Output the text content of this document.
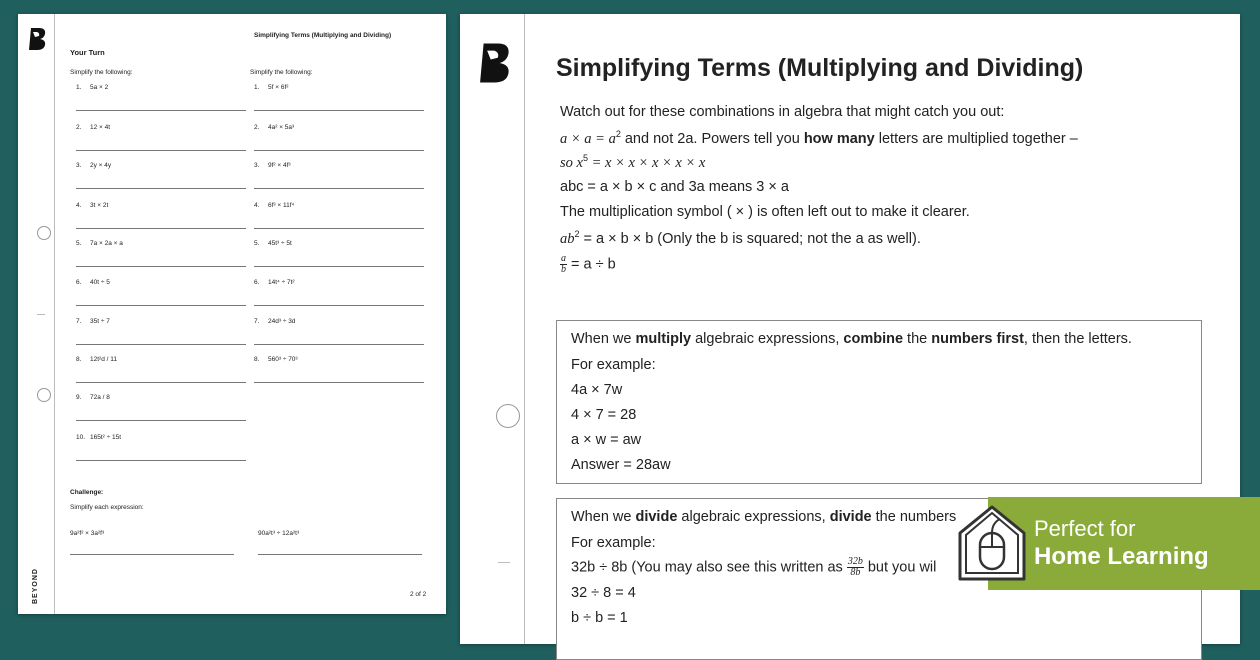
BEYOND
Simplifying Terms (Multiplying and Dividing)
Your Turn
Simplify the following:	Simplify the following:
Challenge:
Simplify each expression:
9a²f² × 3a²f³	90a²t³ ÷ 12a²t³
2 of 2
1. 5a × 2
2. 12 × 4t
3. 2y × 4y
4. 3t × 2t
5. 7a × 2a × a
6. 40t ÷ 5
7. 35t ÷ 7
8. 12t²d / 11
9. 72a / 8
10. 165t² ÷ 15t
1. 5f × 6f²
2. 4a² × 5a³
3. 9f² × 4f³
4. 6f³ × 11f⁴
5. 45t³ ÷ 5t
6. 14t⁴ ÷ 7t²
7. 24d³ ÷ 3d
8. 560³ ÷ 70³
Simplifying Terms (Multiplying and Dividing)
Watch out for these combinations in algebra that might catch you out:
$a \times a = a^2$ and not 2a. Powers tell you how many letters are multiplied together –
so $x^5 = x \times x \times x \times x \times x$
abc = a × b × c and 3a means 3 × a
The multiplication symbol ( × ) is often left out to make it clearer.
$ab^2 = a \times b \times b$ (Only the b is squared; not the a as well).
$\frac{a}{b} = a \div b$
When we multiply algebraic expressions, combine the numbers first, then the letters.
For example:
4a × 7w
4 × 7 = 28
a × w = aw
Answer = 28aw
When we divide algebraic expressions, divide the numbers
For example:
32b ÷ 8b (You may also see this written as $\frac{32b}{8b}$ but you wil
32 ÷ 8 = 4
b ÷ b = 1
Perfect for
Home Learning
